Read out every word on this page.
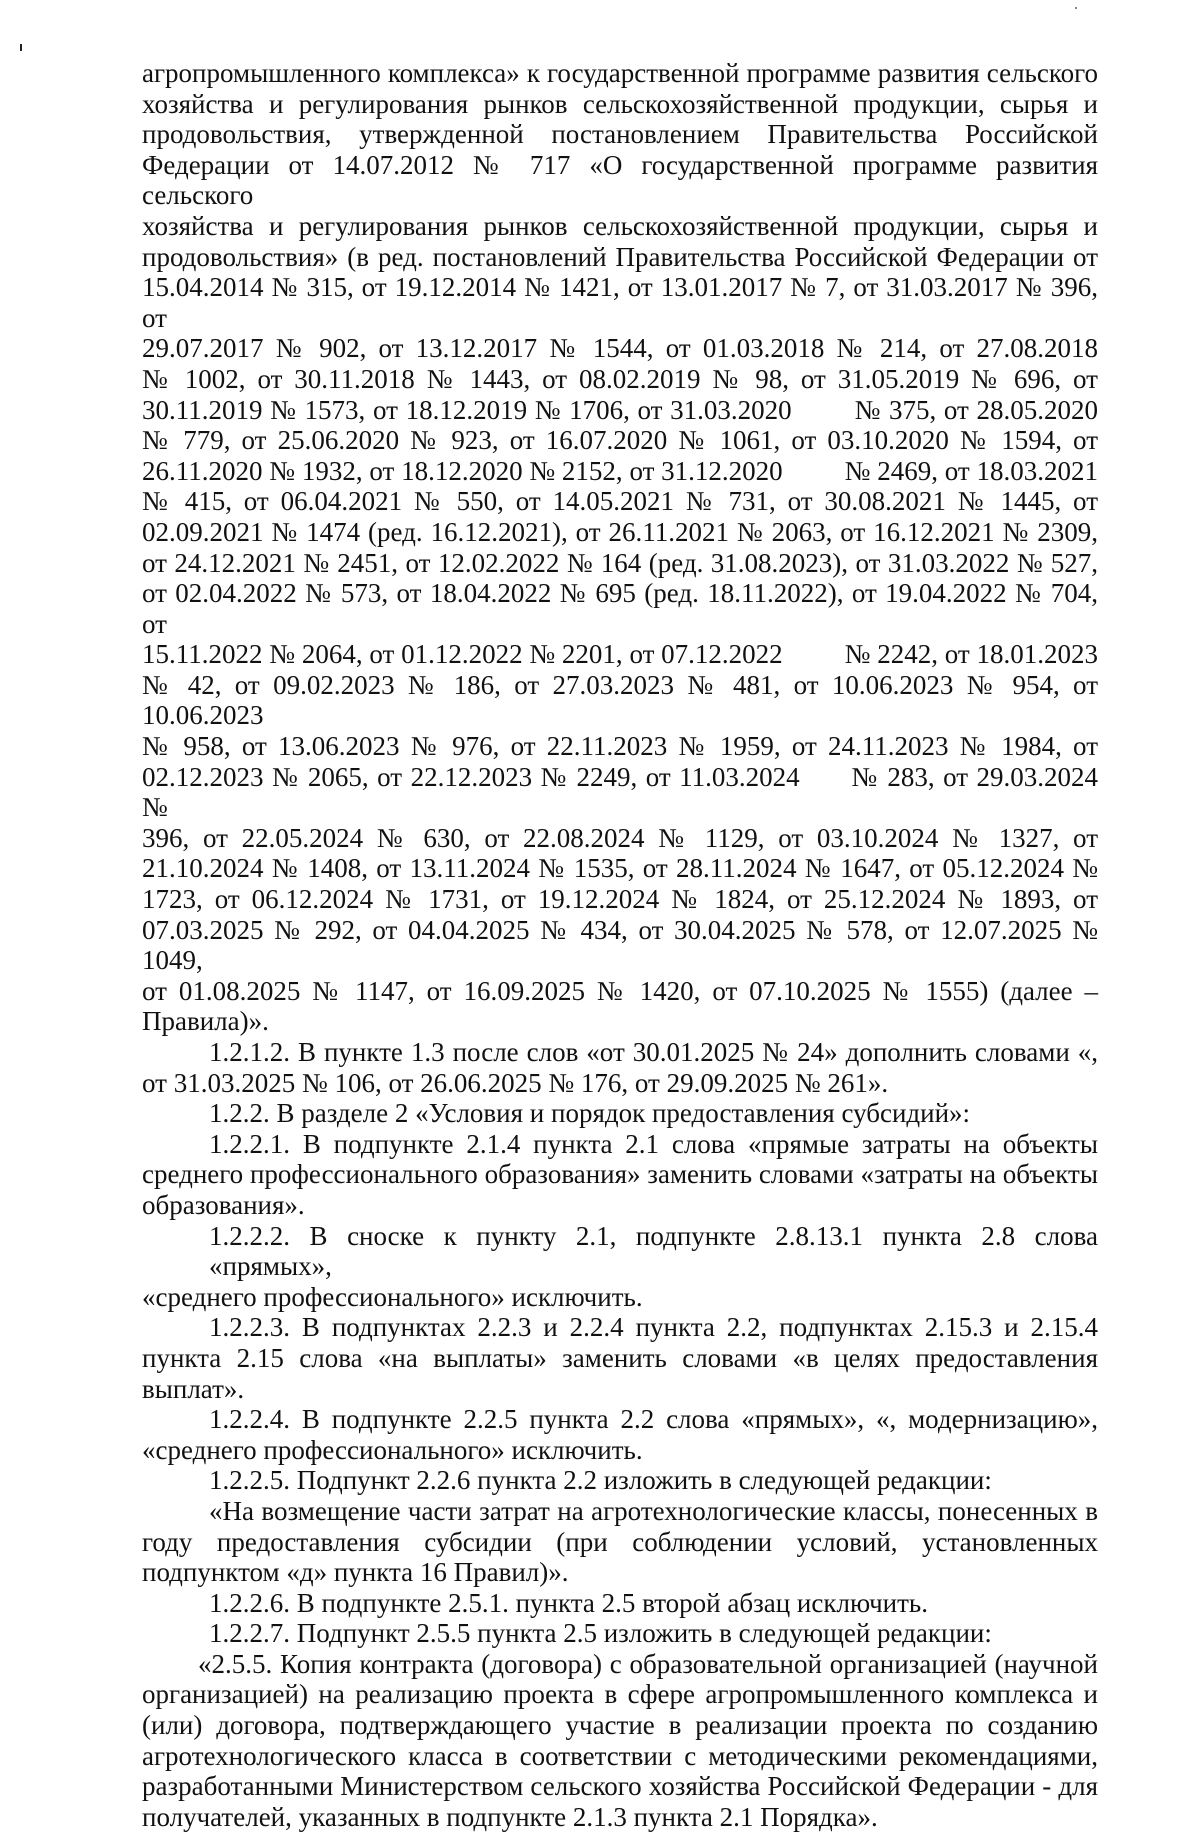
агропромышленного комплекса» к государственной программе развития сельского

хозяйства и регулирования рынков сельскохозяйственной продукции, сырья и

продовольствия, утвержденной постановлением Правительства Российской

Федерации от 14.07.2012 № 717 «О государственной программе развития сельского

хозяйства и регулирования рынков сельскохозяйственной продукции, сырья и

продовольствия» (в ред. постановлений Правительства Российской Федерации от

15.04.2014 № 315, от 19.12.2014 № 1421, от 13.01.2017 № 7, от 31.03.2017 № 396, от

29.07.2017 № 902, от 13.12.2017 № 1544, от 01.03.2018 № 214, от 27.08.2018

№ 1002, от 30.11.2018 № 1443, от 08.02.2019 № 98, от 31.05.2019 № 696, от

30.11.2019 № 1573, от 18.12.2019 № 1706, от 31.03.2020 № 375, от 28.05.2020

№ 779, от 25.06.2020 № 923, от 16.07.2020 № 1061, от 03.10.2020 № 1594, от

26.11.2020 № 1932, от 18.12.2020 № 2152, от 31.12.2020 № 2469, от 18.03.2021

№ 415, от 06.04.2021 № 550, от 14.05.2021 № 731, от 30.08.2021 № 1445, от

02.09.2021 № 1474 (ред. 16.12.2021), от 26.11.2021 № 2063, от 16.12.2021 № 2309,

от 24.12.2021 № 2451, от 12.02.2022 № 164 (ред. 31.08.2023), от 31.03.2022 № 527,

от 02.04.2022 № 573, от 18.04.2022 № 695 (ред. 18.11.2022), от 19.04.2022 № 704, от

15.11.2022 № 2064, от 01.12.2022 № 2201, от 07.12.2022 № 2242, от 18.01.2023

№ 42, от 09.02.2023 № 186, от 27.03.2023 № 481, от 10.06.2023 № 954, от 10.06.2023

№ 958, от 13.06.2023 № 976, от 22.11.2023 № 1959, от 24.11.2023 № 1984, от

02.12.2023 № 2065, от 22.12.2023 № 2249, от 11.03.2024 № 283, от 29.03.2024 №

396, от 22.05.2024 № 630, от 22.08.2024 № 1129, от 03.10.2024 № 1327, от

21.10.2024 № 1408, от 13.11.2024 № 1535, от 28.11.2024 № 1647, от 05.12.2024 №

1723, от 06.12.2024 № 1731, от 19.12.2024 № 1824, от 25.12.2024 № 1893, от

07.03.2025 № 292, от 04.04.2025 № 434, от 30.04.2025 № 578, от 12.07.2025 № 1049,

от 01.08.2025 № 1147, от 16.09.2025 № 1420, от 07.10.2025 № 1555) (далее –

Правила)».

1.2.1.2. В пункте 1.3 после слов «от 30.01.2025 № 24» дополнить словами «,

от 31.03.2025 № 106, от 26.06.2025 № 176, от 29.09.2025 № 261».

1.2.2. В разделе 2 «Условия и порядок предоставления субсидий»:

1.2.2.1. В подпункте 2.1.4 пункта 2.1 слова «прямые затраты на объекты

среднего профессионального образования» заменить словами «затраты на объекты

образования».

1.2.2.2. В сноске к пункту 2.1, подпункте 2.8.13.1 пункта 2.8 слова «прямых»,

«среднего профессионального» исключить.

1.2.2.3. В подпунктах 2.2.3 и 2.2.4 пункта 2.2, подпунктах 2.15.3 и 2.15.4

пункта 2.15 слова «на выплаты» заменить словами «в целях предоставления

выплат».

1.2.2.4. В подпункте 2.2.5 пункта 2.2 слова «прямых», «, модернизацию»,

«среднего профессионального» исключить.

1.2.2.5. Подпункт 2.2.6 пункта 2.2 изложить в следующей редакции:

«На возмещение части затрат на агротехнологические классы, понесенных в

году предоставления субсидии (при соблюдении условий, установленных

подпунктом «д» пункта 16 Правил)».

1.2.2.6. В подпункте 2.5.1. пункта 2.5 второй абзац исключить.

1.2.2.7. Подпункт 2.5.5 пункта 2.5 изложить в следующей редакции:

«2.5.5. Копия контракта (договора) с образовательной организацией (научной

организацией) на реализацию проекта в сфере агропромышленного комплекса и

(или) договора, подтверждающего участие в реализации проекта по созданию

агротехнологического класса в соответствии с методическими рекомендациями,

разработанными Министерством сельского хозяйства Российской Федерации - для

получателей, указанных в подпункте 2.1.3 пункта 2.1 Порядка».
